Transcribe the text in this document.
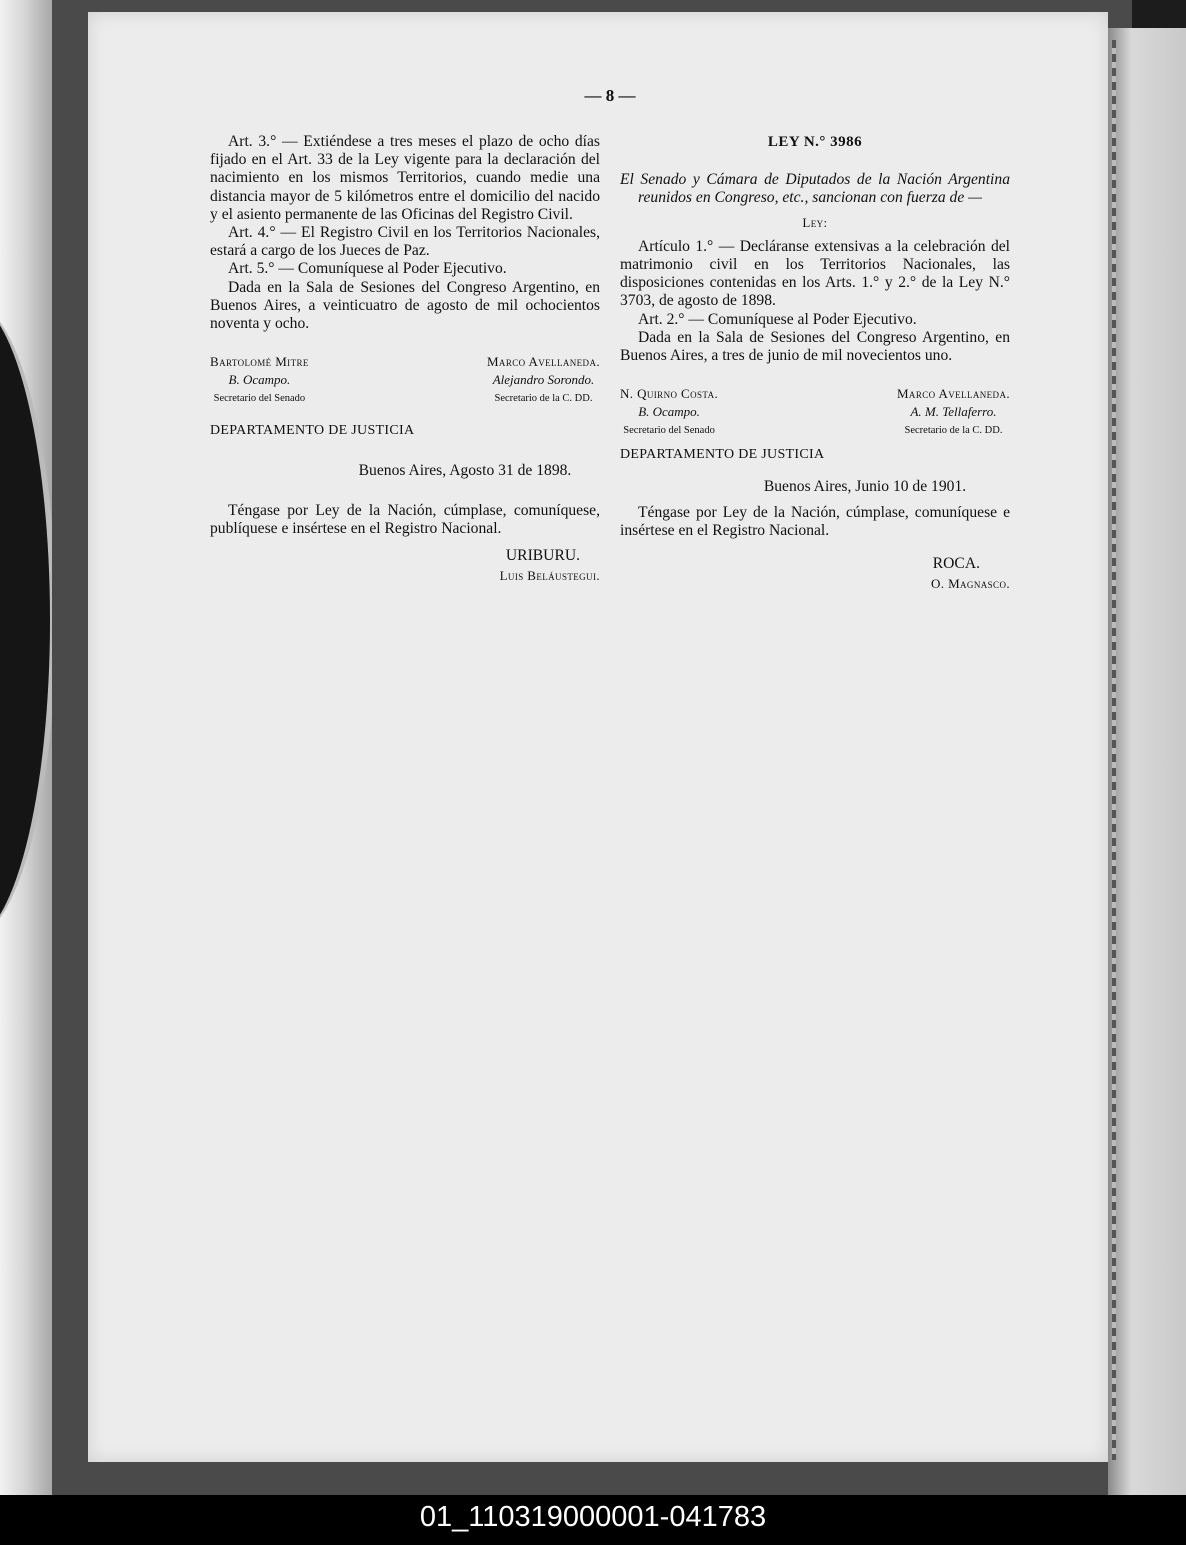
— 8 —

Art. 3.° — Extiéndese a tres meses el plazo de ocho días fijado en el Art. 33 de la Ley vigente para la declaración del nacimiento en los mismos Territorios, cuando medie una distancia mayor de 5 kilómetros entre el domicilio del nacido y el asiento permanente de las Oficinas del Registro Civil.

Art. 4.° — El Registro Civil en los Territorios Nacionales, estará a cargo de los Jueces de Paz.

Art. 5.° — Comuníquese al Poder Ejecutivo.

Dada en la Sala de Sesiones del Congreso Argentino, en Buenos Aires, a veinticuatro de agosto de mil ochocientos noventa y ocho.

Bartolomé Mitre
B. Ocampo.
Secretario del Senado
Marco Avellaneda.
Alejandro Sorondo.
Secretario de la C. DD.
DEPARTAMENTO DE JUSTICIA
Buenos Aires, Agosto 31 de 1898.

Téngase por Ley de la Nación, cúmplase, comuníquese, publíquese e insértese en el Registro Nacional.

URIBURU.
Luis Beláustegui.
LEY N.° 3986

El Senado y Cámara de Diputados de la Nación Argentina reunidos en Congreso, etc., sancionan con fuerza de —

Ley:

Artículo 1.° — Decláranse extensivas a la celebración del matrimonio civil en los Territorios Nacionales, las disposiciones contenidas en los Arts. 1.° y 2.° de la Ley N.° 3703, de agosto de 1898.

Art. 2.° — Comuníquese al Poder Ejecutivo.

Dada en la Sala de Sesiones del Congreso Argentino, en Buenos Aires, a tres de junio de mil novecientos uno.

N. Quirno Costa.
B. Ocampo.
Secretario del Senado
Marco Avellaneda.
A. M. Tellaferro.
Secretario de la C. DD.
DEPARTAMENTO DE JUSTICIA
Buenos Aires, Junio 10 de 1901.

Téngase por Ley de la Nación, cúmplase, comuníquese e insértese en el Registro Nacional.

ROCA.
O. Magnasco.
01_110319000001-041783
